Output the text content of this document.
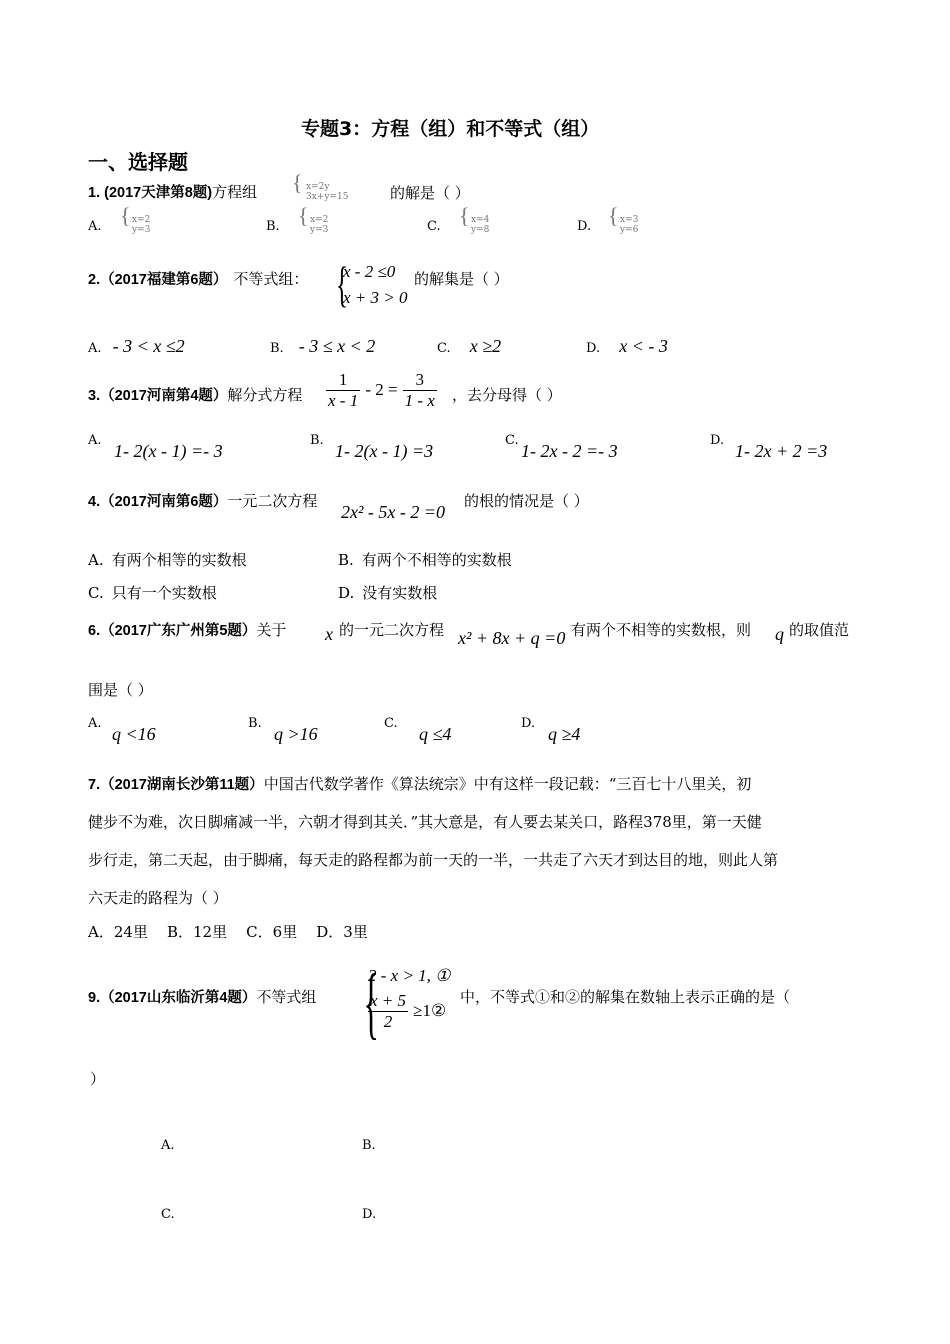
专题3：方程（组）和不等式（组）
一、选择题
1. (2017天津第8题)方程组 { x=2y
3x+y=15	的解是（ ）
A. { x=2
y=3	B. { x=2
y=3	C. { x=4
y=8	D. { x=3
y=6
2.（2017福建第6题） 不等式组： {
x - 2 ≤0
x + 3 > 0
的解集是（ ）
A. - 3 < x ≤2	B. - 3 ≤ x < 2	C. x ≥2	D. x < - 3
3.（2017河南第4题）解分式方程 $\frac{1}{x - 1} - 2 = \frac{3}{1 - x}$ ，去分母得（ ）
A.
1- 2(x - 1) =- 3
B.
1- 2(x - 1) =3
C.
1- 2x - 2 =- 3
D.
1- 2x + 2 =3
4.（2017河南第6题）一元二次方程
2x² - 5x - 2 =0
的根的情况是（ ）
A. 有两个相等的实数根	B. 有两个不相等的实数根
C. 只有一个实数根	D. 没有实数根
6.（2017广东广州第5题）关于 x 的一元二次方程 x² + 8x + q =0 有两个不相等的实数根，则 q 的取值范
围是（ ）
A.
q <16
B.
q >16
C.
q ≤4
D.
q ≥4
7.（2017湖南长沙第11题）中国古代数学著作《算法统宗》中有这样一段记载：“三百七十八里关，初
健步不为难，次日脚痛减一半，六朝才得到其关．”其大意是，有人要去某关口，路程378里，第一天健
步行走，第二天起，由于脚痛，每天走的路程都为前一天的一半，一共走了六天才到达目的地，则此人第
六天走的路程为（ ）
A．24里    B．12里    C．6里    D．3里
9.（2017山东临沂第4题）不等式组 {
2 - x > 1, ①
$\frac{x + 5}{2}$ ≥1②
中，不等式①和②的解集在数轴上表示正确的是（
）
A.	B.
C.	D.
